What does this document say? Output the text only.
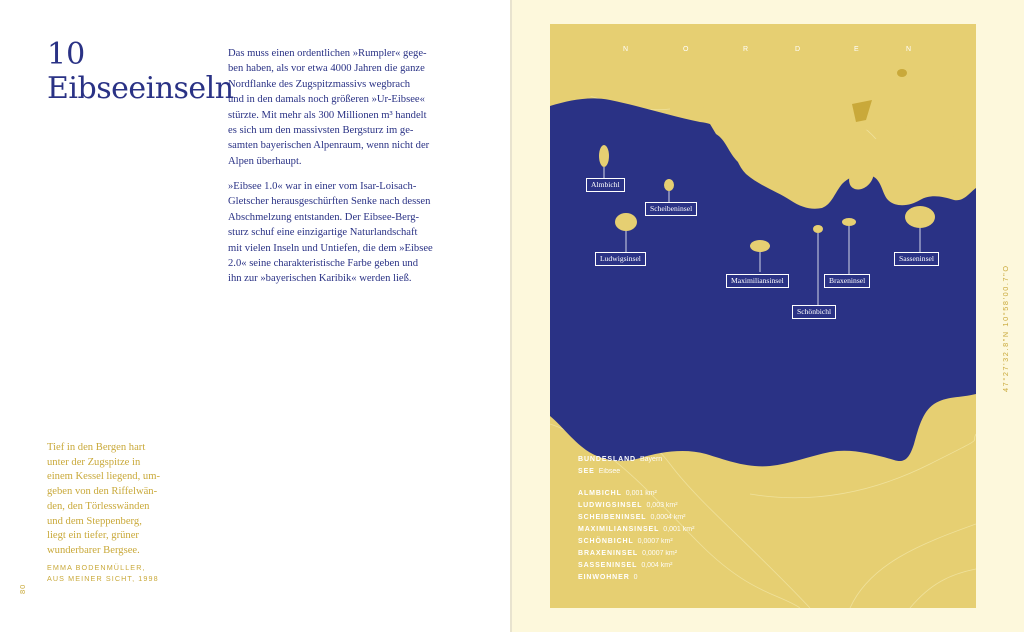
10
Eibseeinseln

Das muss einen ordentlichen »Rumpler« gege-
ben haben, als vor etwa 4000 Jahren die ganze
Nordflanke des Zugspitzmassivs wegbrach
und in den damals noch größeren »Ur-Eibsee«
stürzte. Mit mehr als 300 Millionen m³ handelt
es sich um den massivsten Bergsturz im ge-
samten bayerischen Alpenraum, wenn nicht der
Alpen überhaupt.

»Eibsee 1.0« war in einer vom Isar-Loisach-
Gletscher herausgeschürften Senke nach dessen
Abschmelzung entstanden. Der Eibsee-Berg-
sturz schuf eine einzigartige Naturlandschaft
mit vielen Inseln und Untiefen, die dem »Eibsee
2.0« seine charakteristische Farbe geben und
ihn zur »bayerischen Karibik« werden ließ.

Tief in den Bergen hart
unter der Zugspitze in
einem Kessel liegend, um-
geben von den Riffelwän-
den, den Törlesswänden
und dem Steppenberg,
liegt ein tiefer, grüner
wunderbarer Bergsee.
EMMA BODENMÜLLER,
AUS MEINER SICHT, 1998
80
N	O	R	D	E	N
Almbichl
Scheibeninsel
Ludwigsinsel
Maximiliansinsel	Braxeninsel
Schönbichl
Sasseninsel
BUNDESLAND Bayern
SEE Eibsee
ALMBICHL 0,001 km²
LUDWIGSINSEL 0,003 km²
SCHEIBENINSEL 0,0004 km²
MAXIMILIANSINSEL 0,001 km²
SCHÖNBICHL 0,0007 km²
BRAXENINSEL 0,0007 km²
SASSENINSEL 0,004 km²
EINWOHNER 0
47°27'32.8"N 10°58'00.7"O
